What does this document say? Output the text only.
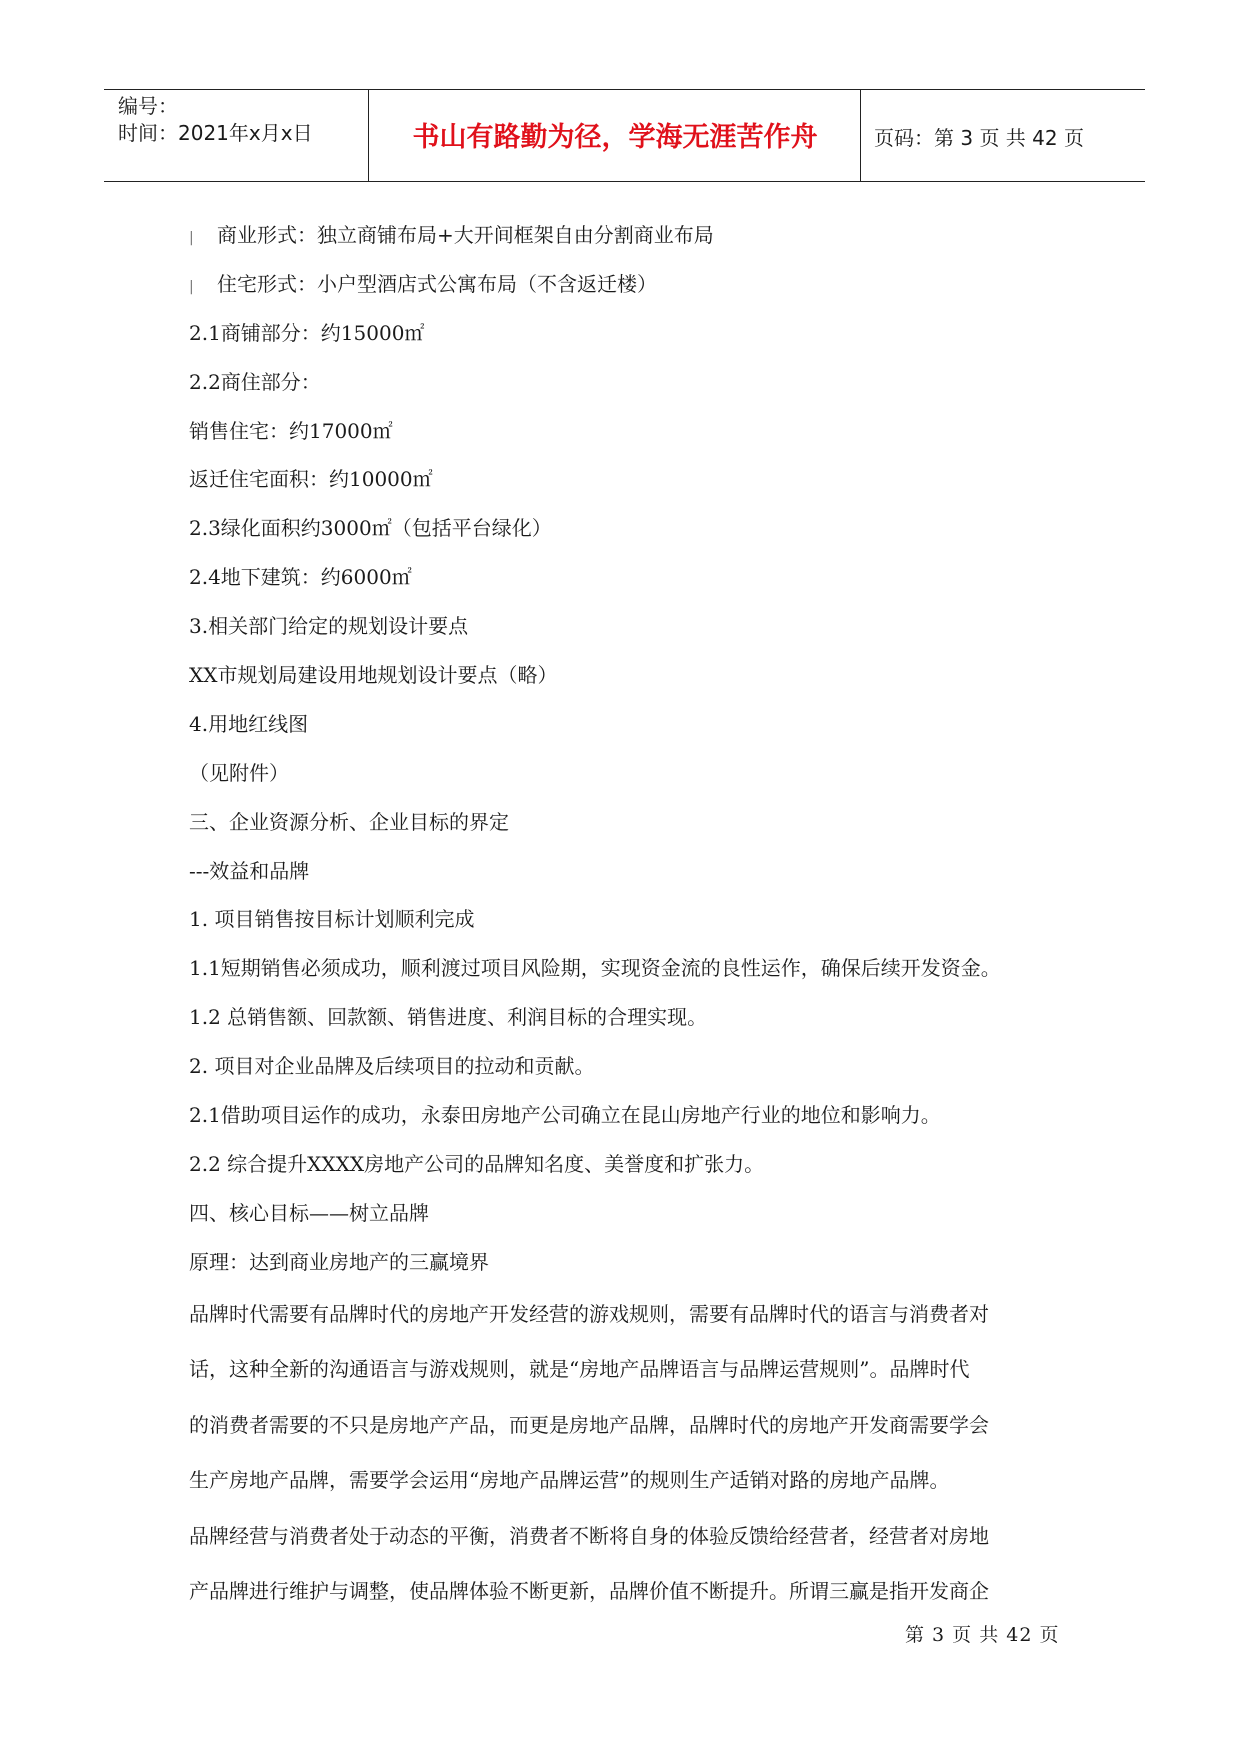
编号：
时间：2021年x月x日	书山有路勤为径，学海无涯苦作舟	页码：第 3 页 共 42 页
| 商业形式：独立商铺布局+大开间框架自由分割商业布局
| 住宅形式：小户型酒店式公寓布局（不含返迁楼）
2.1商铺部分：约15000㎡
2.2商住部分：
销售住宅：约17000㎡
返迁住宅面积：约10000㎡
2.3绿化面积约3000㎡（包括平台绿化）
2.4地下建筑：约6000㎡
3.相关部门给定的规划设计要点
XX市规划局建设用地规划设计要点（略）
4.用地红线图
（见附件）
三、企业资源分析、企业目标的界定
---效益和品牌
1. 项目销售按目标计划顺利完成
1.1短期销售必须成功，顺利渡过项目风险期，实现资金流的良性运作，确保后续开发资金。
1.2 总销售额、回款额、销售进度、利润目标的合理实现。
2. 项目对企业品牌及后续项目的拉动和贡献。
2.1借助项目运作的成功，永泰田房地产公司确立在昆山房地产行业的地位和影响力。
2.2 综合提升XXXX房地产公司的品牌知名度、美誉度和扩张力。
四、核心目标——树立品牌
原理：达到商业房地产的三赢境界
品牌时代需要有品牌时代的房地产开发经营的游戏规则，需要有品牌时代的语言与消费者对
话，这种全新的沟通语言与游戏规则，就是“房地产品牌语言与品牌运营规则”。品牌时代
的消费者需要的不只是房地产产品，而更是房地产品牌，品牌时代的房地产开发商需要学会
生产房地产品牌，需要学会运用“房地产品牌运营”的规则生产适销对路的房地产品牌。
品牌经营与消费者处于动态的平衡，消费者不断将自身的体验反馈给经营者，经营者对房地
产品牌进行维护与调整，使品牌体验不断更新，品牌价值不断提升。所谓三赢是指开发商企
第 3 页 共 42 页
